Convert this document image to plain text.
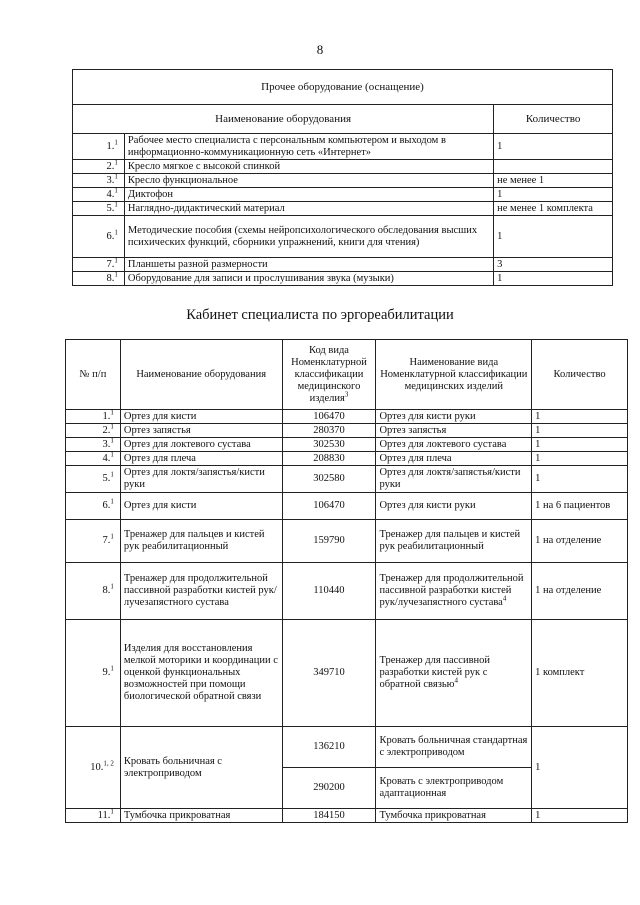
8
Прочее оборудование (оснащение)		
Наименование оборудования		Количество
1.$^1$	Рабочее место специалиста с персональным компьютером и выходом в информационно-коммуникационную сеть «Интернет»	1
2.$^1$	Кресло мягкое с высокой спинкой	
3.$^1$	Кресло функциональное	не менее 1
4.$^1$	Диктофон	1
5.$^1$	Наглядно-дидактический материал	не менее 1 комплекта
6.$^1$	Методические пособия (схемы нейропсихологического обследования высших психических функций, сборники упражнений, книги для чтения)	1
7.$^1$	Планшеты разной размерности	3
8.$^1$	Оборудование для записи и прослушивания звука (музыки)	1
Кабинет специалиста по эргореабилитации
№ п/п	Наименование оборудования	Код вида Номенклатурной классификации медицинского изделия$^3$	Наименование вида Номенклатурной классификации медицинских изделий	Количество
1.$^1$	Ортез для кисти	106470	Ортез для кисти руки	1
2.$^1$	Ортез запястья	280370	Ортез запястья	1
3.$^1$	Ортез для локтевого сустава	302530	Ортез для локтевого сустава	1
4.$^1$	Ортез для плеча	208830	Ортез для плеча	1
5.$^1$	Ортез для локтя/запястья/кисти руки	302580	Ортез для локтя/запястья/кисти руки	1
6.$^1$	Ортез для кисти	106470	Ортез для кисти руки	1 на 6 пациентов
7.$^1$	Тренажер для пальцев и кистей рук реабилитационный	159790	Тренажер для пальцев и кистей рук реабилитационный	1 на отделение
8.$^1$	Тренажер для продолжительной пассивной разработки кистей рук/лучезапястного сустава	110440	Тренажер для продолжительной пассивной разработки кистей рук/лучезапястного сустава$^4$	1 на отделение
9.$^1$	Изделия для восстановления мелкой моторики и координации с оценкой функциональных возможностей при помощи биологической обратной связи	349710	Тренажер для пассивной разработки кистей рук с обратной связью$^4$	1 комплект
10.$^{1, 2}$	Кровать больничная с электроприводом	136210	Кровать больничная стандартная с электроприводом	1
		290200	Кровать с электроприводом адаптационная	
11.$^1$	Тумбочка прикроватная	184150	Тумбочка прикроватная	1
